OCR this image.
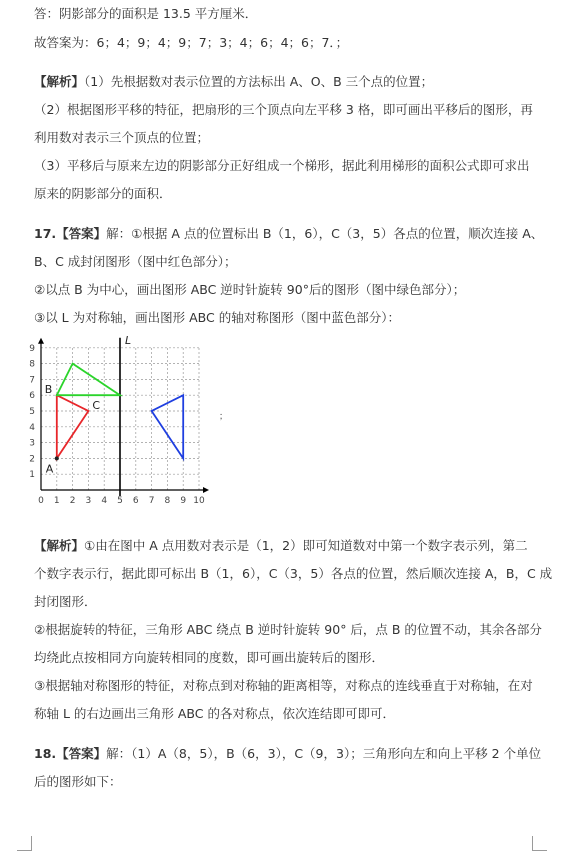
答：阴影部分的面积是 13.5 平方厘米．
故答案为：6；4；9；4；9；7；3；4；6；4；6；7．；
【解析】（1）先根据数对表示位置的方法标出 A、O、B 三个点的位置；
（2）根据图形平移的特征，把扇形的三个顶点向左平移 3 格，即可画出平移后的图形，再
利用数对表示三个顶点的位置；
（3）平移后与原来左边的阴影部分正好组成一个梯形，据此利用梯形的面积公式即可求出
原来的阴影部分的面积．
17.【答案】解：①根据 A 点的位置标出 B（1，6），C（3，5）各点的位置，顺次连接 A、
B、C 成封闭图形（图中红色部分）；
②以点 B 为中心，画出图形 ABC 逆时针旋转 90°后的图形（图中绿色部分）；
③以 L 为对称轴，画出图形 ABC 的轴对称图形（图中蓝色部分）：
L
0 1 2 3 4 5 6 7 8 9 10
1
2
3
4
5
6
7
8
9
A
B
C
；
【解析】①由在图中 A 点用数对表示是（1，2）即可知道数对中第一个数字表示列，第二
个数字表示行，据此即可标出 B（1，6），C（3，5）各点的位置，然后顺次连接 A，B，C 成
封闭图形．
②根据旋转的特征，三角形 ABC 绕点 B 逆时针旋转 90° 后，点 B 的位置不动，其余各部分
均绕此点按相同方向旋转相同的度数，即可画出旋转后的图形．
③根据轴对称图形的特征，对称点到对称轴的距离相等，对称点的连线垂直于对称轴，在对
称轴 L 的右边画出三角形 ABC 的各对称点，依次连结即可即可．
18.【答案】解：（1）A（8，5），B（6，3），C（9，3）；三角形向左和向上平移 2 个单位
后的图形如下：
